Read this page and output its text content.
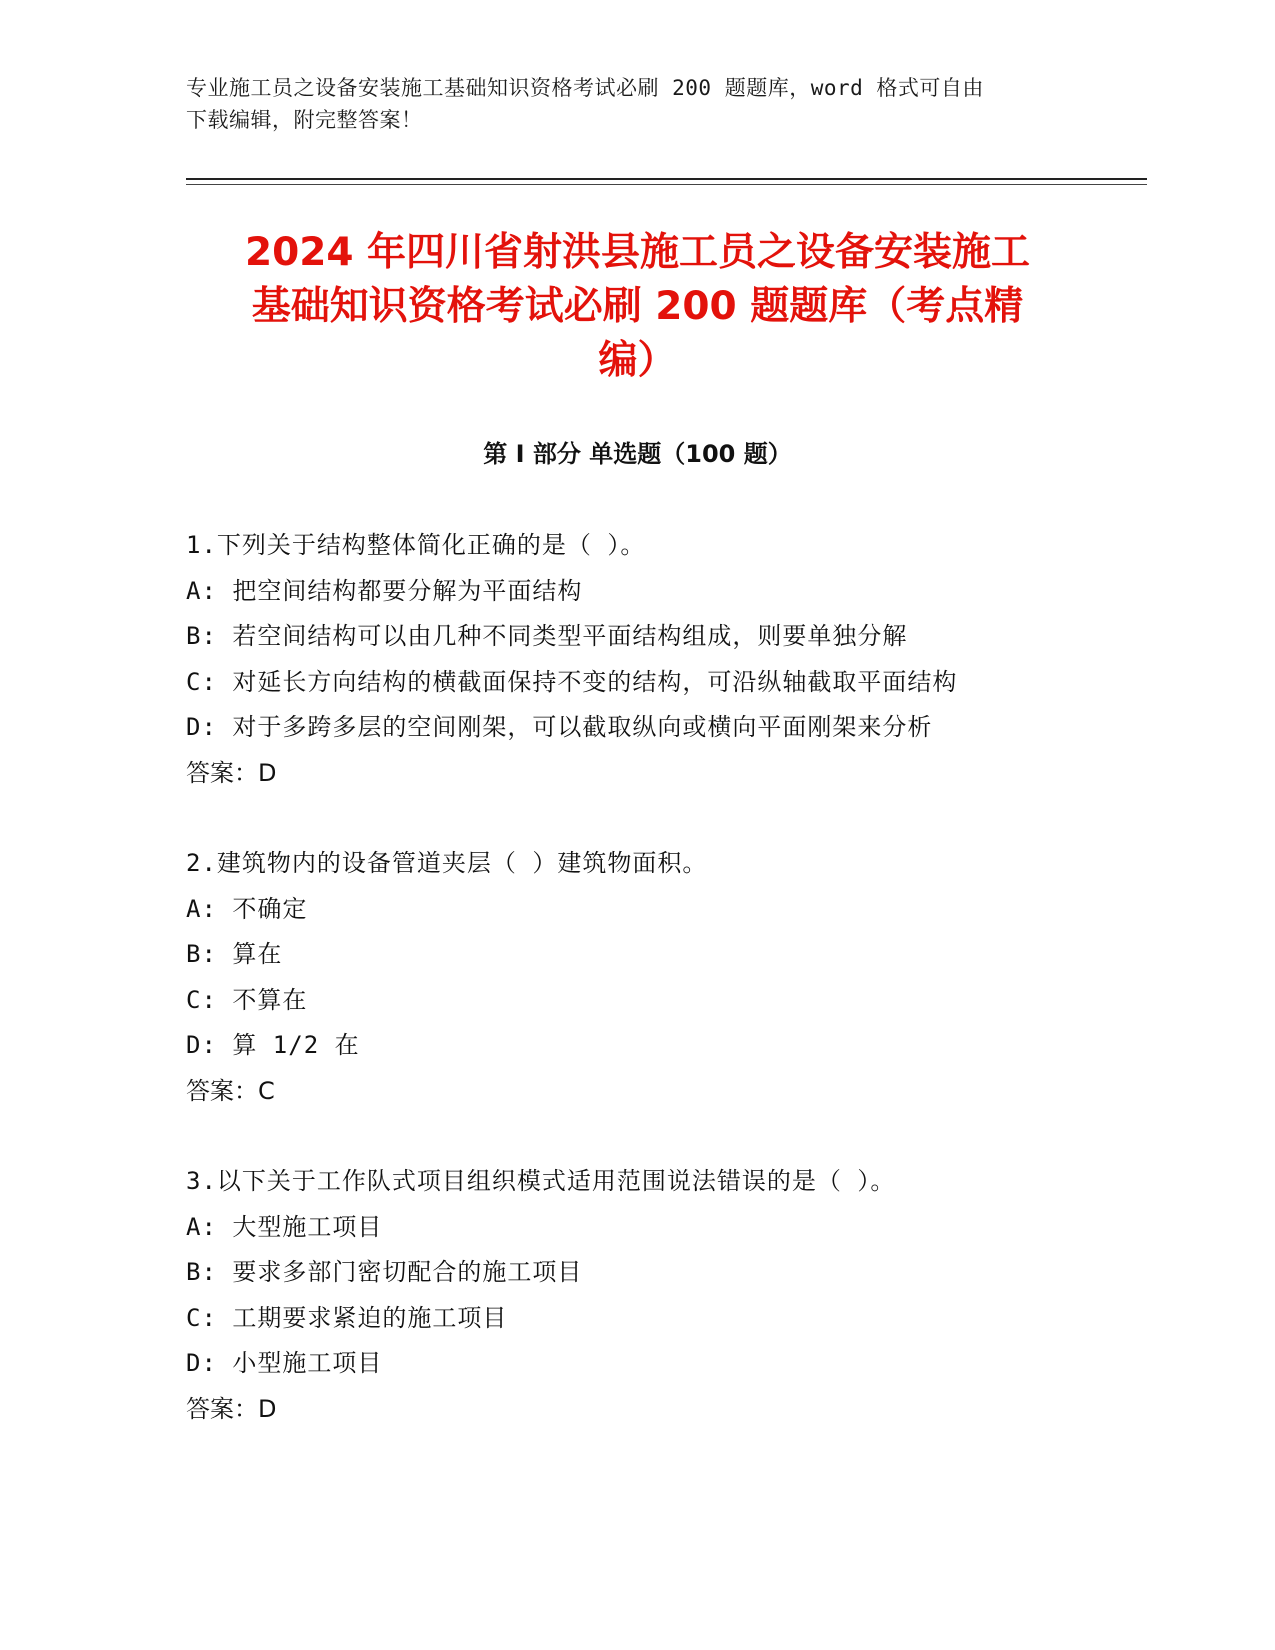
专业施工员之设备安装施工基础知识资格考试必刷 200 题题库，word 格式可自由
下载编辑，附完整答案！
2024 年四川省射洪县施工员之设备安装施工
基础知识资格考试必刷 200 题题库（考点精
编）
第 I 部分 单选题（100 题）
1.下列关于结构整体简化正确的是（ ）。
A: 把空间结构都要分解为平面结构
B: 若空间结构可以由几种不同类型平面结构组成，则要单独分解
C: 对延长方向结构的横截面保持不变的结构，可沿纵轴截取平面结构
D: 对于多跨多层的空间刚架，可以截取纵向或横向平面刚架来分析
答案：D
2.建筑物内的设备管道夹层（ ）建筑物面积。
A: 不确定
B: 算在
C: 不算在
D: 算 1/2 在
答案：C
3.以下关于工作队式项目组织模式适用范围说法错误的是（ ）。
A: 大型施工项目
B: 要求多部门密切配合的施工项目
C: 工期要求紧迫的施工项目
D: 小型施工项目
答案：D
